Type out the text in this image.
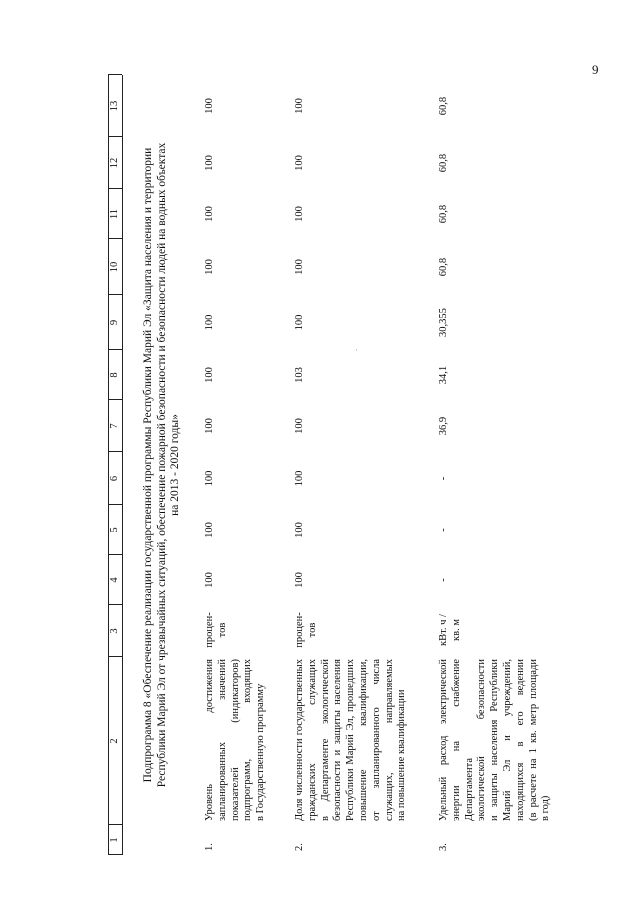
9
·
1
2
3
4
5
6
7
8
9
10
11
12
13
Подпрограмма 8 «Обеспечение реализации государственной программы Республики Марий Эл «Защита населения и территории Республики Марий Эл от чрезвычайных ситуаций, обеспечение пожарной безопасности и безопасности людей на водных объектах на 2013 - 2020 годы»
1.
Уровень достижения запланированных значений показателей (индикаторов) подпрограмм, входящих в Государственную программу
процен- тов
100
100
100
100
100
100
100
100
100
100
2.
Доля численности государственных гражданских служащих в Департаменте экологической безопасности и защиты населения Республики Марий Эл, прошедших повышение квалификации, от запланированного числа служащих, направляемых на повышение квалификации
процен- тов
100
100
100
100
103
100
100
100
100
100
3.
Удельный расход электрической энергии на снабжение Департамента экологической безопасности и защиты населения Республики Марий Эл и учреждений, находящихся в его ведении (в расчете на 1 кв. метр площади в год)
кВт. ч / кв. м
-
-
-
36,9
34,1
30,355
60,8
60,8
60,8
60,8
